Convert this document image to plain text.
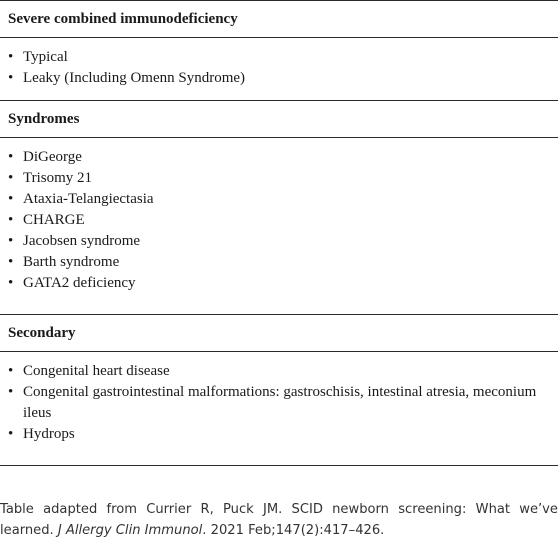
Severe combined immunodeficiency
• Typical
• Leaky (Including Omenn Syndrome)
Syndromes
• DiGeorge
• Trisomy 21
• Ataxia-Telangiectasia
• CHARGE
• Jacobsen syndrome
• Barth syndrome
• GATA2 deficiency
Secondary
• Congenital heart disease
• Congenital gastrointestinal malformations: gastroschisis, intestinal atresia, meconium ileus
• Hydrops
Table adapted from Currier R, Puck JM. SCID newborn screening: What we’ve learned. J Allergy Clin Immunol. 2021 Feb;147(2):417–426.
